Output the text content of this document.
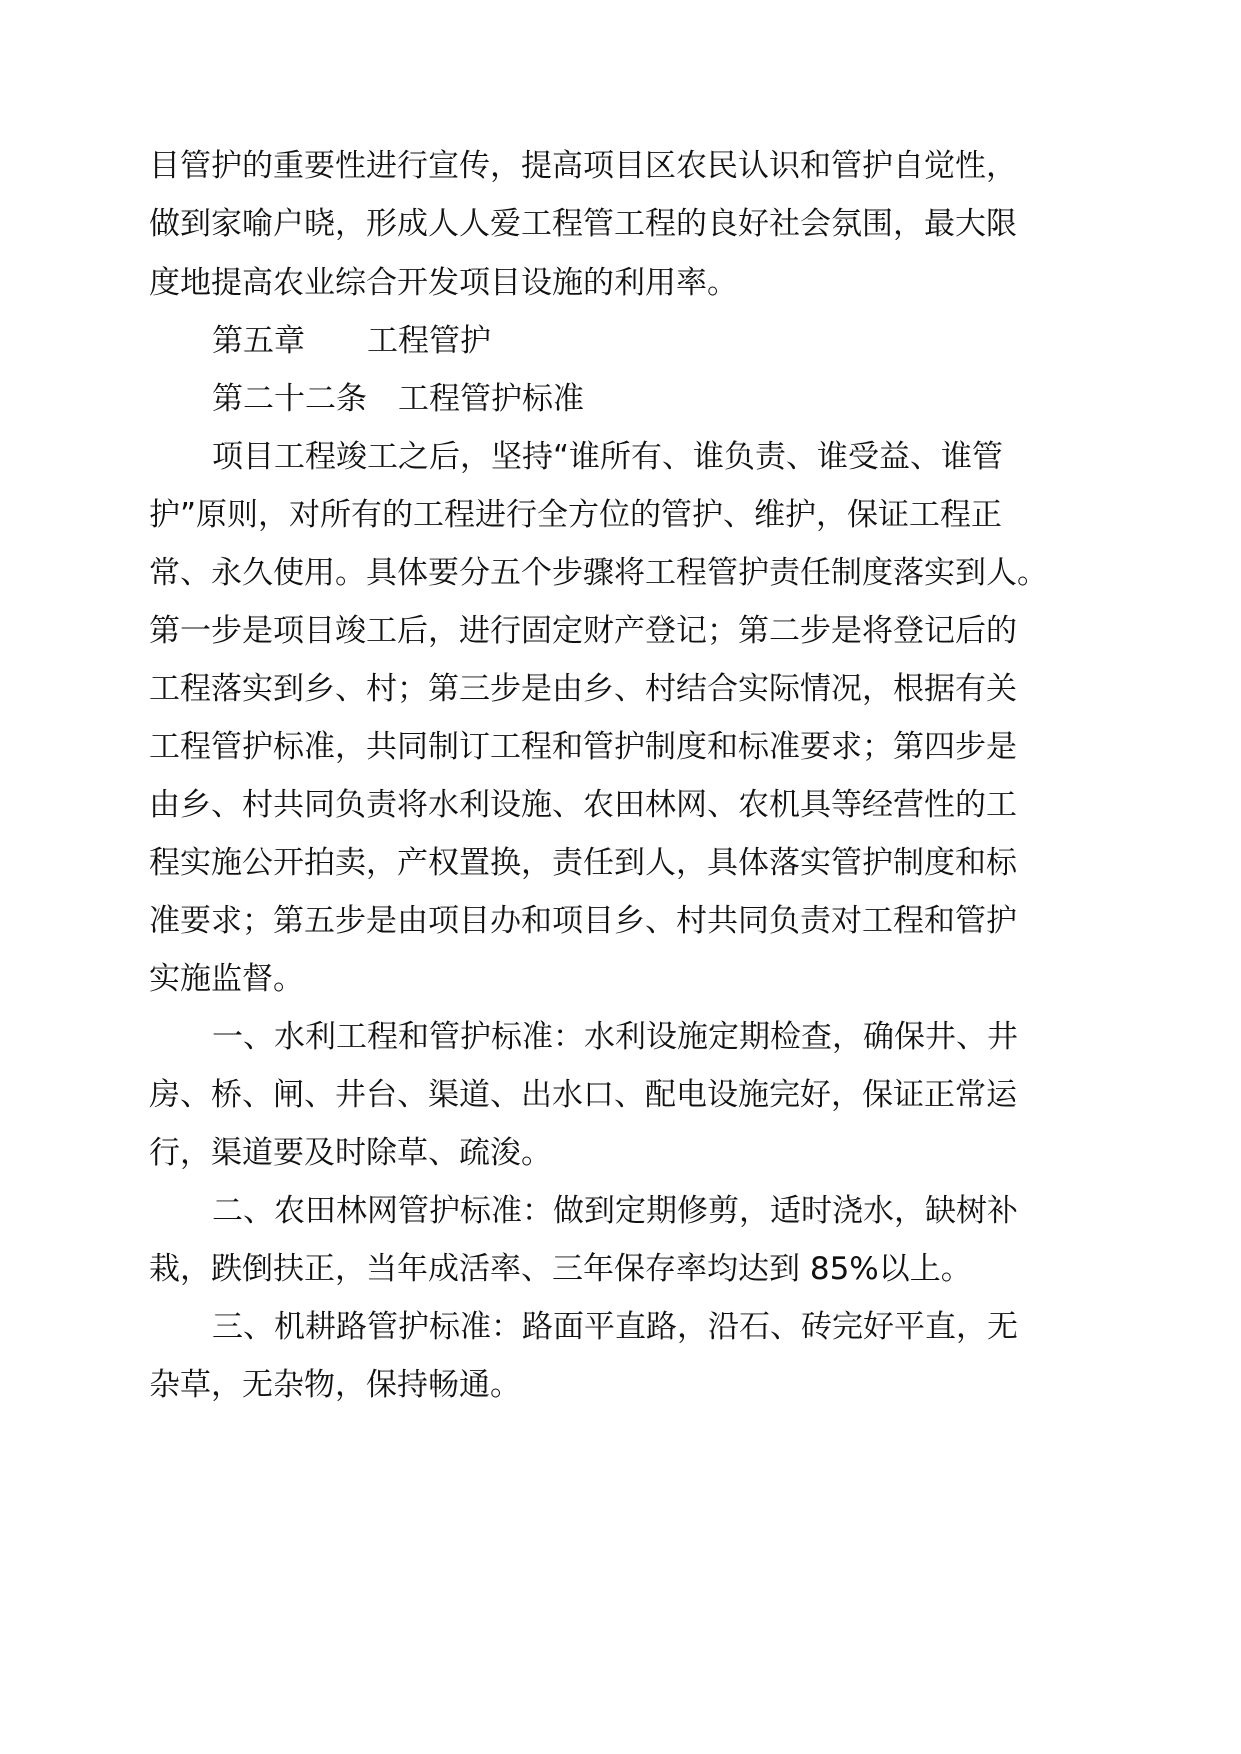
目管护的重要性进行宣传，提高项目区农民认识和管护自觉性，
做到家喻户晓，形成人人爱工程管工程的良好社会氛围，最大限
度地提高农业综合开发项目设施的利用率。
第五章　　工程管护
第二十二条　工程管护标准
项目工程竣工之后，坚持“谁所有、谁负责、谁受益、谁管
护”原则，对所有的工程进行全方位的管护、维护，保证工程正
常、永久使用。具体要分五个步骤将工程管护责任制度落实到人。
第一步是项目竣工后，进行固定财产登记；第二步是将登记后的
工程落实到乡、村；第三步是由乡、村结合实际情况，根据有关
工程管护标准，共同制订工程和管护制度和标准要求；第四步是
由乡、村共同负责将水利设施、农田林网、农机具等经营性的工
程实施公开拍卖，产权置换，责任到人，具体落实管护制度和标
准要求；第五步是由项目办和项目乡、村共同负责对工程和管护
实施监督。
一、水利工程和管护标准：水利设施定期检查，确保井、井
房、桥、闸、井台、渠道、出水口、配电设施完好，保证正常运
行，渠道要及时除草、疏浚。
二、农田林网管护标准：做到定期修剪，适时浇水，缺树补
栽，跌倒扶正，当年成活率、三年保存率均达到 85%以上。
三、机耕路管护标准：路面平直路，沿石、砖完好平直，无
杂草，无杂物，保持畅通。
